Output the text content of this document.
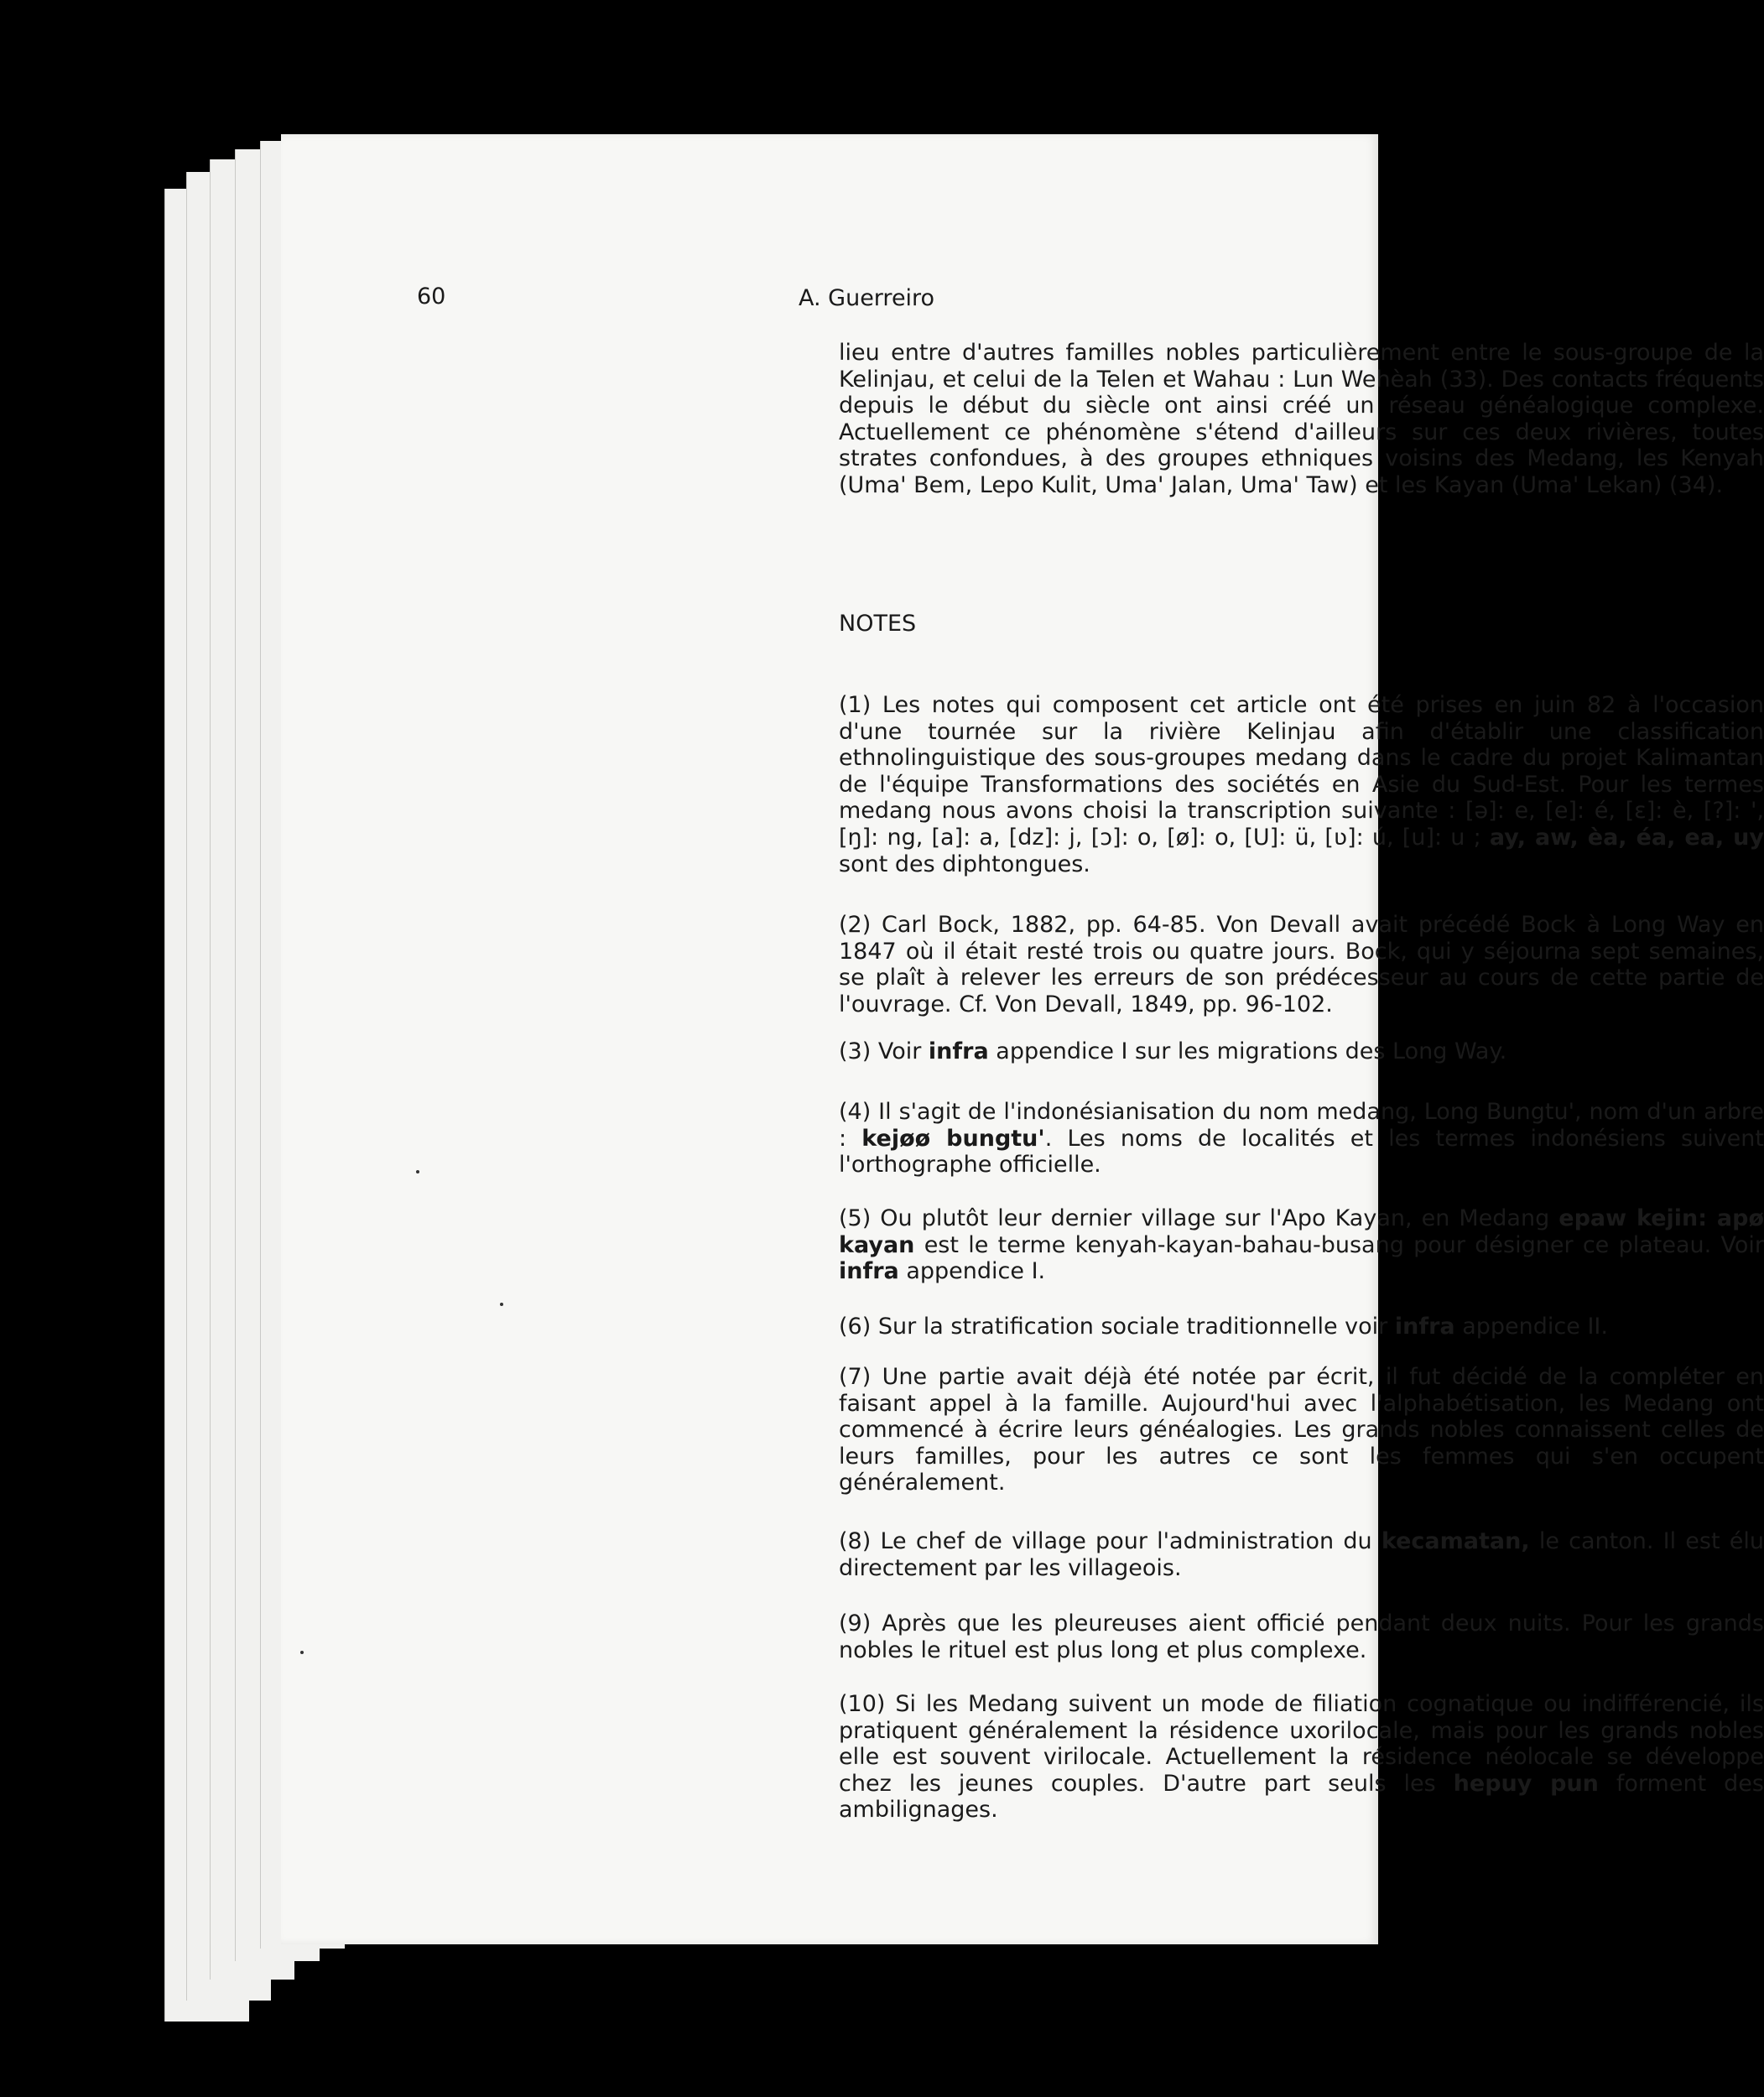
60	A. Guerreiro

lieu entre d'autres familles nobles particulièrement entre le sous-groupe de la Kelinjau, et celui de la Telen et Wahau : Lun Wehèah (33). Des contacts fréquents depuis le début du siècle ont ainsi créé un réseau généalogique complexe. Actuellement ce phénomène s'étend d'ailleurs sur ces deux rivières, toutes strates confondues, à des groupes ethniques voisins des Medang, les Kenyah (Uma' Bem, Lepo Kulit, Uma' Jalan, Uma' Taw) et les Kayan (Uma' Lekan) (34).

NOTES

(1) Les notes qui composent cet article ont été prises en juin 82 à l'occasion d'une tournée sur la rivière Kelinjau afin d'établir une classification ethnolinguistique des sous-groupes medang dans le cadre du projet Kalimantan de l'équipe Transformations des sociétés en Asie du Sud-Est. Pour les termes medang nous avons choisi la transcription suivante : [ə]: e, [e]: é, [ɛ]: è, [?]: ', [ŋ]: ng, [a]: a, [dz]: j, [ɔ]: o, [ø]: o, [U]: ü, [ʋ]: ú, [u]: u ; ay, aw, èa, éa, ea, uy sont des diphtongues.

(2) Carl Bock, 1882, pp. 64-85. Von Devall avait précédé Bock à Long Way en 1847 où il était resté trois ou quatre jours. Bock, qui y séjourna sept semaines, se plaît à relever les erreurs de son prédécesseur au cours de cette partie de l'ouvrage. Cf. Von Devall, 1849, pp. 96-102.

(3) Voir infra appendice I sur les migrations des Long Way.

(4) Il s'agit de l'indonésianisation du nom medang, Long Bungtu', nom d'un arbre : kejøø bungtu'. Les noms de localités et les termes indonésiens suivent l'orthographe officielle.

(5) Ou plutôt leur dernier village sur l'Apo Kayan, en Medang epaw kejin: apø kayan est le terme kenyah-kayan-bahau-busang pour désigner ce plateau. Voir infra appendice I.

(6) Sur la stratification sociale traditionnelle voir infra appendice II.

(7) Une partie avait déjà été notée par écrit, il fut décidé de la compléter en faisant appel à la famille. Aujourd'hui avec l'alphabétisation, les Medang ont commencé à écrire leurs généalogies. Les grands nobles connaissent celles de leurs familles, pour les autres ce sont les femmes qui s'en occupent généralement.

(8) Le chef de village pour l'administration du kecamatan, le canton. Il est élu directement par les villageois.

(9) Après que les pleureuses aient officié pendant deux nuits. Pour les grands nobles le rituel est plus long et plus complexe.

(10) Si les Medang suivent un mode de filiation cognatique ou indifférencié, ils pratiquent généralement la résidence uxorilocale, mais pour les grands nobles elle est souvent virilocale. Actuellement la résidence néolocale se développe chez les jeunes couples. D'autre part seuls les hepuy pun forment des ambilignages.
